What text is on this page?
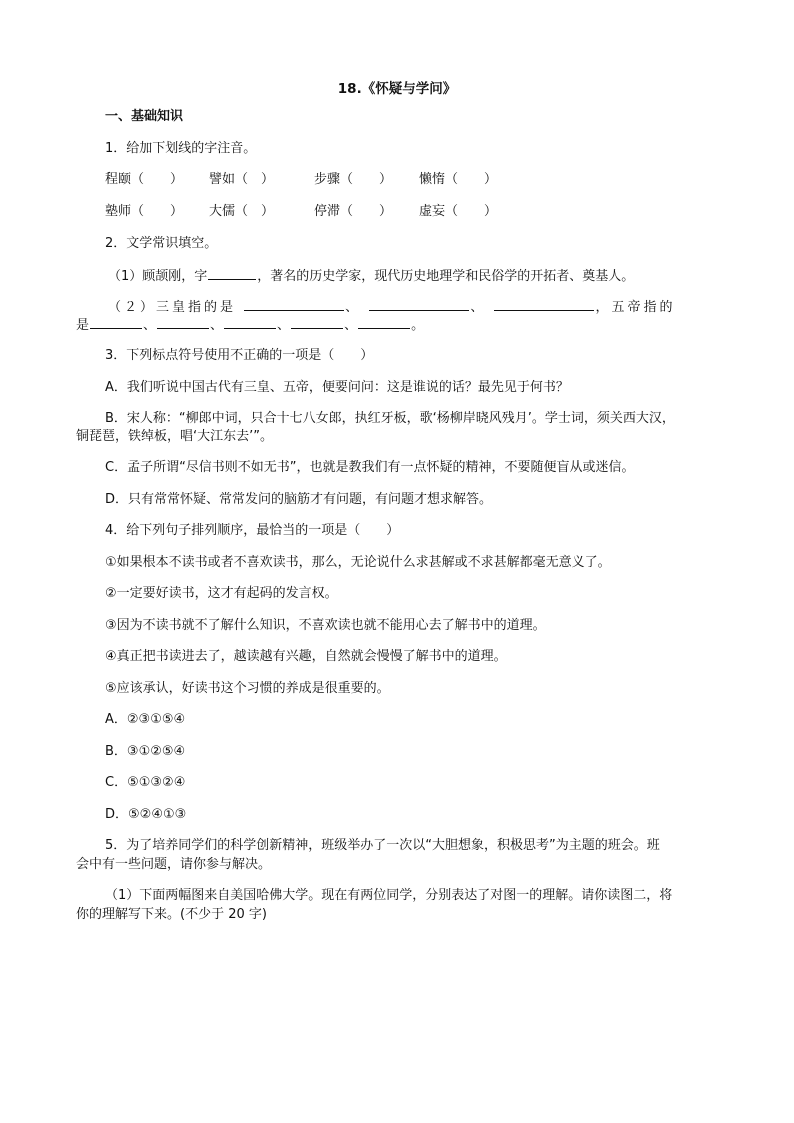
18.《怀疑与学问》
一、基础知识
1．给加下划线的字注音。
程颐（　　） 譬如（　）	步骤（　　） 懒惰（　　）
塾师（　　） 大儒（　）	停滞（　　） 虚妄（　　）
2．文学常识填空。
（1）顾颉刚，字	，著名的历史学家，现代历史地理学和民俗学的开拓者、奠基人。
（２）三皇指的是	、	、	，五帝指的
是	、	、	、	、	。
3．下列标点符号使用不正确的一项是（　　）
A．我们听说中国古代有三皇、五帝，便要问问：这是谁说的话？最先见于何书？
B．宋人称：“柳郎中词，只合十七八女郎，执红牙板，歌‘杨柳岸晓风残月’。学士词，须关西大汉，
铜琵琶，铁绰板，唱‘大江东去’”。
C．孟子所谓“尽信书则不如无书”，也就是教我们有一点怀疑的精神，不要随便盲从或迷信。
D．只有常常怀疑、常常发问的脑筋才有问题，有问题才想求解答。
4．给下列句子排列顺序，最恰当的一项是（　　）
①如果根本不读书或者不喜欢读书，那么，无论说什么求甚解或不求甚解都毫无意义了。
②一定要好读书，这才有起码的发言权。
③因为不读书就不了解什么知识，不喜欢读也就不能用心去了解书中的道理。
④真正把书读进去了，越读越有兴趣，自然就会慢慢了解书中的道理。
⑤应该承认，好读书这个习惯的养成是很重要的。
A．②③①⑤④
B．③①②⑤④
C．⑤①③②④
D．⑤②④①③
5．为了培养同学们的科学创新精神，班级举办了一次以“大胆想象，积极思考”为主题的班会。班
会中有一些问题，请你参与解决。
（1）下面两幅图来自美国哈佛大学。现在有两位同学，分别表达了对图一的理解。请你读图二，将
你的理解写下来。(不少于 20 字)
